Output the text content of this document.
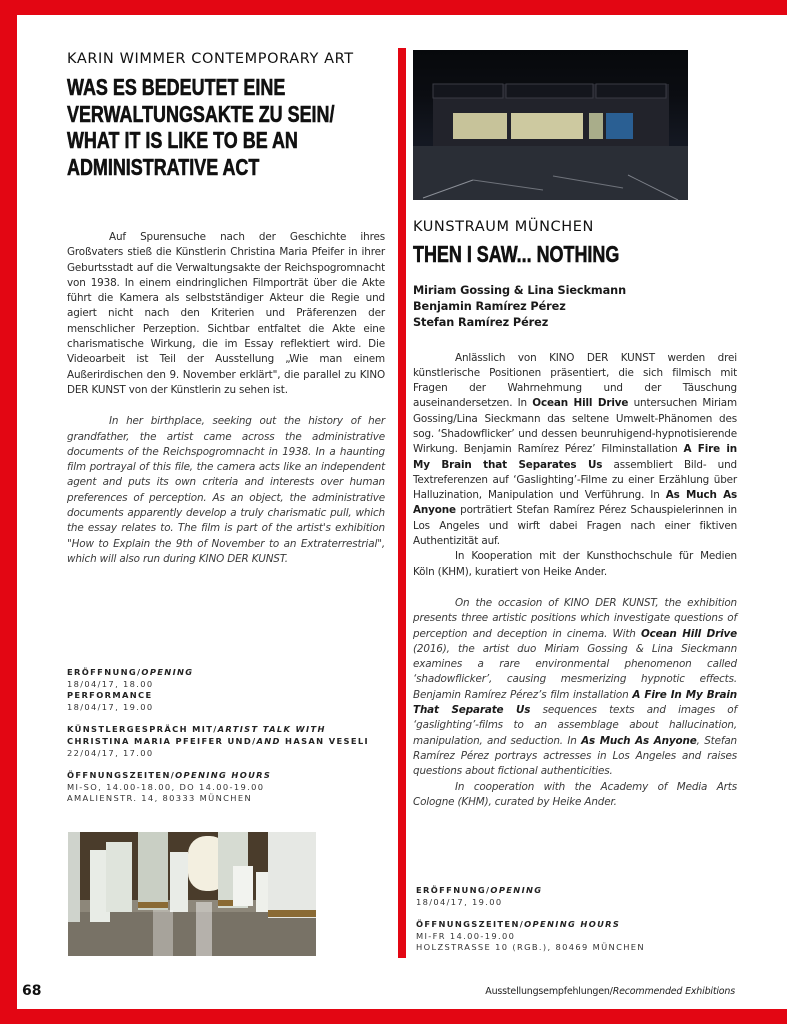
KARIN WIMMER CONTEMPORARY ART

WAS ES BEDEUTET EINE
VERWALTUNGSAKTE ZU SEIN/
WHAT IT IS LIKE TO BE AN
ADMINISTRATIVE ACT

Auf Spurensuche nach der Geschichte ihres Großvaters stieß die Künstlerin Christina Maria Pfeifer in ihrer Geburtsstadt auf die Verwaltungsakte der Reichspogromnacht von 1938. In einem eindringlichen Filmporträt über die Akte führt die Kamera als selbstständiger Akteur die Regie und agiert nicht nach den Kriterien und Präferenzen der menschlicher Perzeption. Sichtbar entfaltet die Akte eine charismatische Wirkung, die im Essay reflektiert wird. Die Videoarbeit ist Teil der Ausstellung „Wie man einem Außerirdischen den 9. November erklärt", die parallel zu KINO DER KUNST von der Künstlerin zu sehen ist.

In her birthplace, seeking out the history of her grandfather, the artist came across the administrative documents of the Reichspogromnacht in 1938. In a haunting film portrayal of this file, the camera acts like an independent agent and puts its own criteria and interests over human preferences of perception. As an object, the administrative documents apparently develop a truly charismatic pull, which the essay relates to. The film is part of the artist's exhibition "How to Explain the 9th of November to an Extraterrestrial", which will also run during KINO DER KUNST.

ERÖFFNUNG/OPENING
18/04/17, 18.00
PERFORMANCE
18/04/17, 19.00
KÜNSTLERGESPRÄCH MIT/ARTIST TALK WITH
CHRISTINA MARIA PFEIFER UND/AND HASAN VESELI
22/04/17, 17.00
ÖFFNUNGSZEITEN/OPENING HOURS
MI-SO, 14.00-18.00, DO 14.00-19.00
AMALIENSTR. 14, 80333 MÜNCHEN

KUNSTRAUM MÜNCHEN

THEN I SAW... NOTHING
Miriam Gossing & Lina Sieckmann
Benjamin Ramírez Pérez
Stefan Ramírez Pérez

Anlässlich von KINO DER KUNST werden drei künstlerische Positionen präsentiert, die sich filmisch mit Fragen der Wahrnehmung und der Täuschung auseinandersetzen. In Ocean Hill Drive untersuchen Miriam Gossing/Lina Sieckmann das seltene Umwelt-Phänomen des sog. ‘Shadowflicker’ und dessen beunruhigend-hypnotisierende Wirkung. Benjamin Ramírez Pérez’ Filminstallation A Fire in My Brain that Separates Us assembliert Bild- und Textreferenzen auf ‘Gaslighting’-Filme zu einer Erzählung über Halluzination, Manipulation und Verführung. In As Much As Anyone porträtiert Stefan Ramírez Pérez Schauspielerinnen in Los Angeles und wirft dabei Fragen nach einer fiktiven Authentizität auf.

In Kooperation mit der Kunsthochschule für Medien Köln (KHM), kuratiert von Heike Ander.

On the occasion of KINO DER KUNST, the exhibition presents three artistic positions which investigate questions of perception and deception in cinema. With Ocean Hill Drive (2016), the artist duo Miriam Gossing & Lina Sieckmann examines a rare environmental phenomenon called ‘shadowflicker’, causing mesmerizing hypnotic effects. Benjamin Ramírez Pérez’s film installation A Fire In My Brain That Separate Us sequences texts and images of ‘gaslighting’-films to an assemblage about hallucination, manipulation, and seduction. In As Much As Anyone, Stefan Ramírez Pérez portrays actresses in Los Angeles and raises questions about fictional authenticities.

In cooperation with the Academy of Media Arts Cologne (KHM), curated by Heike Ander.

ERÖFFNUNG/OPENING
18/04/17, 19.00
ÖFFNUNGSZEITEN/OPENING HOURS
MI-FR 14.00-19.00
HOLZSTRASSE 10 (RGB.), 80469 MÜNCHEN
68	Ausstellungsempfehlungen/Recommended Exhibitions
